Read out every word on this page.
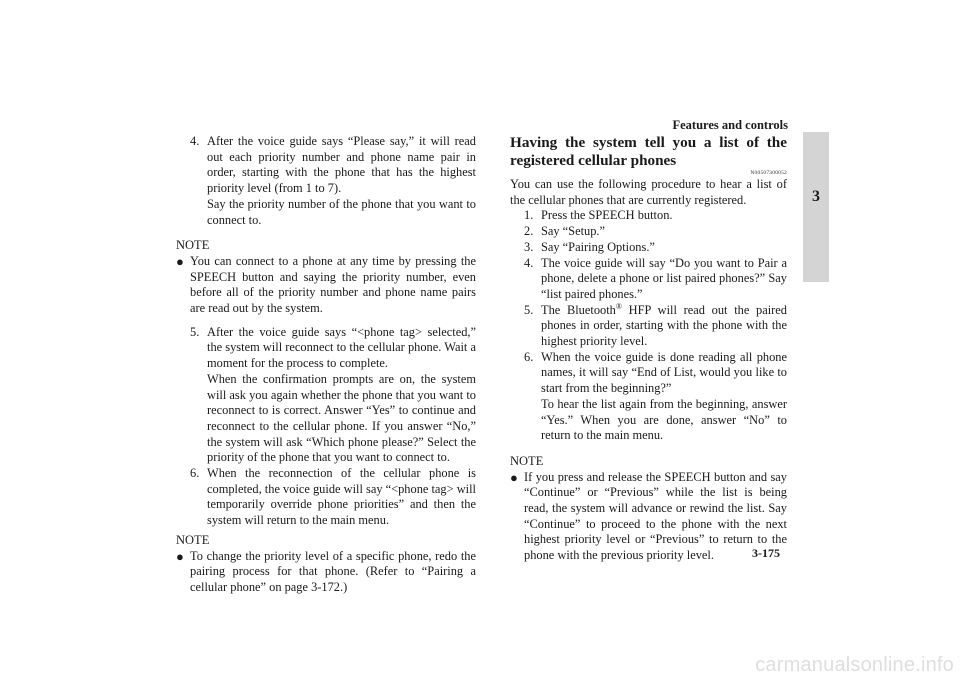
Features and controls
3
4. After the voice guide says “Please say,” it will read out each priority number and phone name pair in order, starting with the phone that has the highest priority level (from 1 to 7).

Say the priority number of the phone that you want to connect to.

NOTE
● You can connect to a phone at any time by pressing the SPEECH button and saying the priority number, even before all of the priority number and phone name pairs are read out by the system.
5. After the voice guide says “<phone tag> selected,” the system will reconnect to the cellular phone. Wait a moment for the process to complete.

When the confirmation prompts are on, the system will ask you again whether the phone that you want to reconnect to is correct. Answer “Yes” to continue and reconnect to the cellular phone. If you answer “No,” the system will ask “Which phone please?” Select the priority of the phone that you want to connect to.

6. When the reconnection of the cellular phone is completed, the voice guide will say “<phone tag> will temporarily override phone priorities” and then the system will return to the main menu.

NOTE
● To change the priority level of a specific phone, redo the pairing process for that phone. (Refer to “Pairing a cellular phone” on page 3-172.)
Having the system tell you a list of the registered cellular phones
N00507300052

You can use the following procedure to hear a list of the cellular phones that are currently registered.

1. Press the SPEECH button.

2. Say “Setup.”

3. Say “Pairing Options.”

4. The voice guide will say “Do you want to Pair a phone, delete a phone or list paired phones?” Say “list paired phones.”

5. The Bluetooth® HFP will read out the paired phones in order, starting with the phone with the highest priority level.

6. When the voice guide is done reading all phone names, it will say “End of List, would you like to start from the beginning?”

To hear the list again from the beginning, answer “Yes.” When you are done, answer “No” to return to the main menu.

NOTE
● If you press and release the SPEECH button and say “Continue” or “Previous” while the list is being read, the system will advance or rewind the list. Say “Continue” to proceed to the phone with the next highest priority level or “Previous” to return to the phone with the previous priority level.	3-175
carmanualsonline.info
